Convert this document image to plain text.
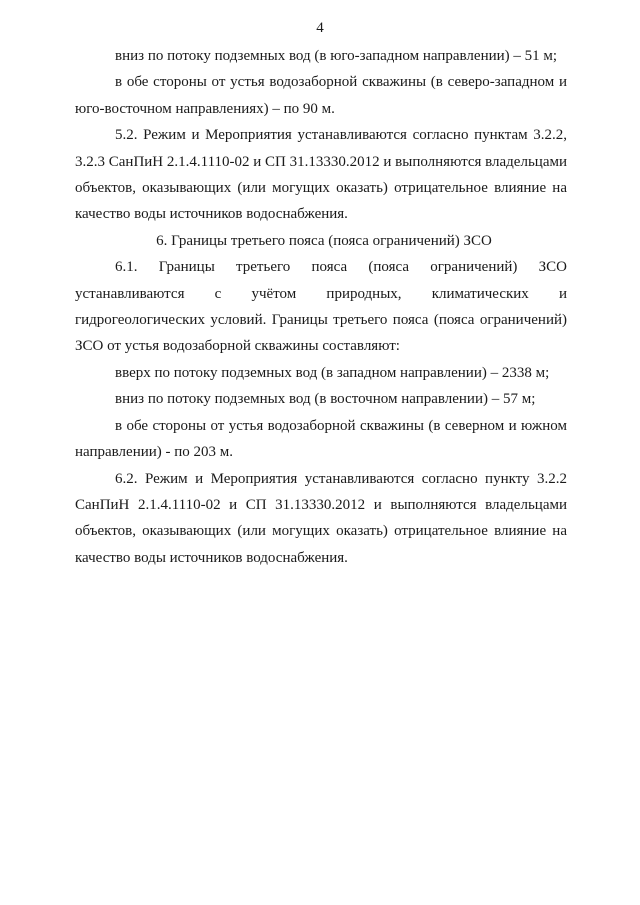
4

вниз по потоку подземных вод (в юго-западном направлении) – 51 м;

в обе стороны от устья водозаборной скважины (в северо-западном и юго-восточном направлениях) – по 90 м.

5.2. Режим и Мероприятия устанавливаются согласно пунктам 3.2.2, 3.2.3 СанПиН 2.1.4.1110-02 и СП 31.13330.2012 и выполняются владельцами объектов, оказывающих (или могущих оказать) отрицательное влияние на качество воды источников водоснабжения.

6. Границы третьего пояса (пояса ограничений) ЗСО

6.1. Границы третьего пояса (пояса ограничений) ЗСО устанавливаются с учётом природных, климатических и гидрогеологических условий. Границы третьего пояса (пояса ограничений) ЗСО от устья водозаборной скважины составляют:

вверх по потоку подземных вод (в западном направлении) – 2338 м;

вниз по потоку подземных вод (в восточном направлении) – 57 м;

в обе стороны от устья водозаборной скважины (в северном и южном направлении) - по 203 м.

6.2. Режим и Мероприятия устанавливаются согласно пункту 3.2.2 СанПиН 2.1.4.1110-02 и СП 31.13330.2012 и выполняются владельцами объектов, оказывающих (или могущих оказать) отрицательное влияние на качество воды источников водоснабжения.
